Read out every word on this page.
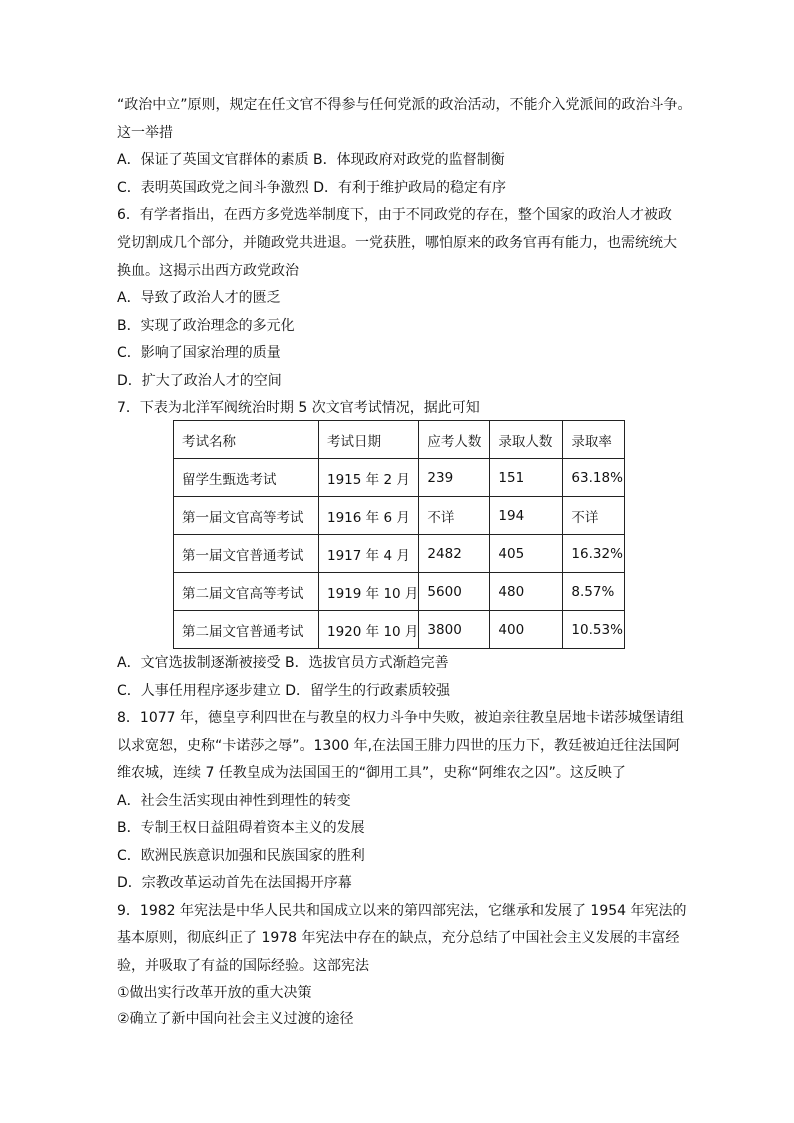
“政治中立”原则，规定在任文官不得参与任何党派的政治活动，不能介入党派间的政治斗争。
这一举措
A．保证了英国文官群体的素质 B．体现政府对政党的监督制衡
C．表明英国政党之间斗争激烈 D．有利于维护政局的稳定有序
6．有学者指出，在西方多党选举制度下，由于不同政党的存在，整个国家的政治人才被政
党切割成几个部分，并随政党共进退。一党获胜，哪怕原来的政务官再有能力，也需统统大
换血。这揭示出西方政党政治
A．导致了政治人才的匮乏
B．实现了政治理念的多元化
C．影响了国家治理的质量
D．扩大了政治人才的空间
7．下表为北洋军阀统治时期 5 次文官考试情况，据此可知
考试名称	考试日期	应考人数	录取人数	录取率
留学生甄选考试	1915 年 2 月	239	151	63.18%
第一届文官高等考试	1916 年 6 月	不详	194	不详
第一届文官普通考试	1917 年 4 月	2482	405	16.32%
第二届文官高等考试	1919 年 10 月	5600	480	8.57%
第二届文官普通考试	1920 年 10 月	3800	400	10.53%
A．文官选拔制逐渐被接受 B．选拔官员方式渐趋完善
C．人事任用程序逐步建立 D．留学生的行政素质较强
8．1077 年，德皇亨利四世在与教皇的权力斗争中失败，被迫亲往教皇居地卡诺莎城堡请组
以求宽恕，史称“卡诺莎之辱”。1300 年,在法国王腓力四世的压力下，教廷被迫迁往法国阿
维农城，连续 7 任教皇成为法国国王的“御用工具”，史称“阿维农之囚”。这反映了
A．社会生活实现由神性到理性的转变
B．专制王权日益阻碍着资本主义的发展
C．欧洲民族意识加强和民族国家的胜利
D．宗教改革运动首先在法国揭开序幕
9．1982 年宪法是中华人民共和国成立以来的第四部宪法，它继承和发展了 1954 年宪法的
基本原则，彻底纠正了 1978 年宪法中存在的缺点，充分总结了中国社会主义发展的丰富经
验，并吸取了有益的国际经验。这部宪法
①做出实行改革开放的重大决策
②确立了新中国向社会主义过渡的途径
